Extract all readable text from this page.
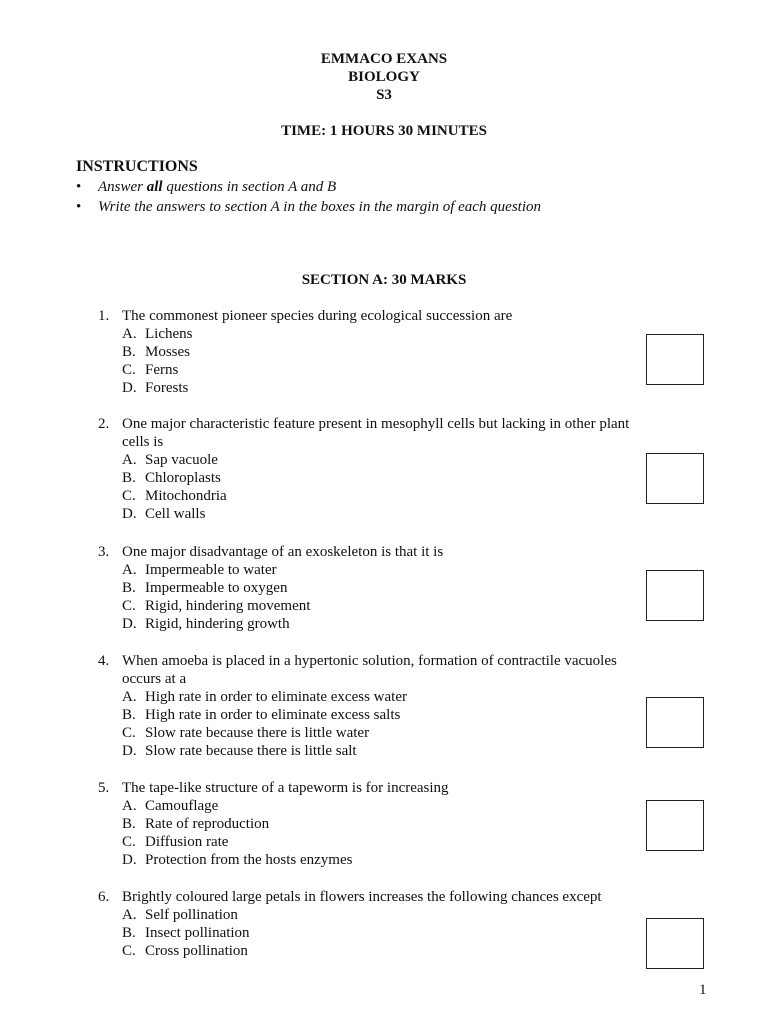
EMMACO EXANS
BIOLOGY
S3
TIME: 1 HOURS 30 MINUTES
INSTRUCTIONS
• Answer all questions in section A and B
• Write the answers to section A in the boxes in the margin of each question
SECTION A: 30 MARKS
1. The commonest pioneer species during ecological succession are
A. Lichens
B. Mosses
C. Ferns
D. Forests
2. One major characteristic feature present in mesophyll cells but lacking in other plant
cells is
A. Sap vacuole
B. Chloroplasts
C. Mitochondria
D. Cell walls
3. One major disadvantage of an exoskeleton is that it is
A. Impermeable to water
B. Impermeable to oxygen
C. Rigid, hindering movement
D. Rigid, hindering growth
4. When amoeba is placed in a hypertonic solution, formation of contractile vacuoles
occurs at a
A. High rate in order to eliminate excess water
B. High rate in order to eliminate excess salts
C. Slow rate because there is little water
D. Slow rate because there is little salt
5. The tape-like structure of a tapeworm is for increasing
A. Camouflage
B. Rate of reproduction
C. Diffusion rate
D. Protection from the hosts enzymes
6. Brightly coloured large petals in flowers increases the following chances except
A. Self pollination
B. Insect pollination
C. Cross pollination
1
